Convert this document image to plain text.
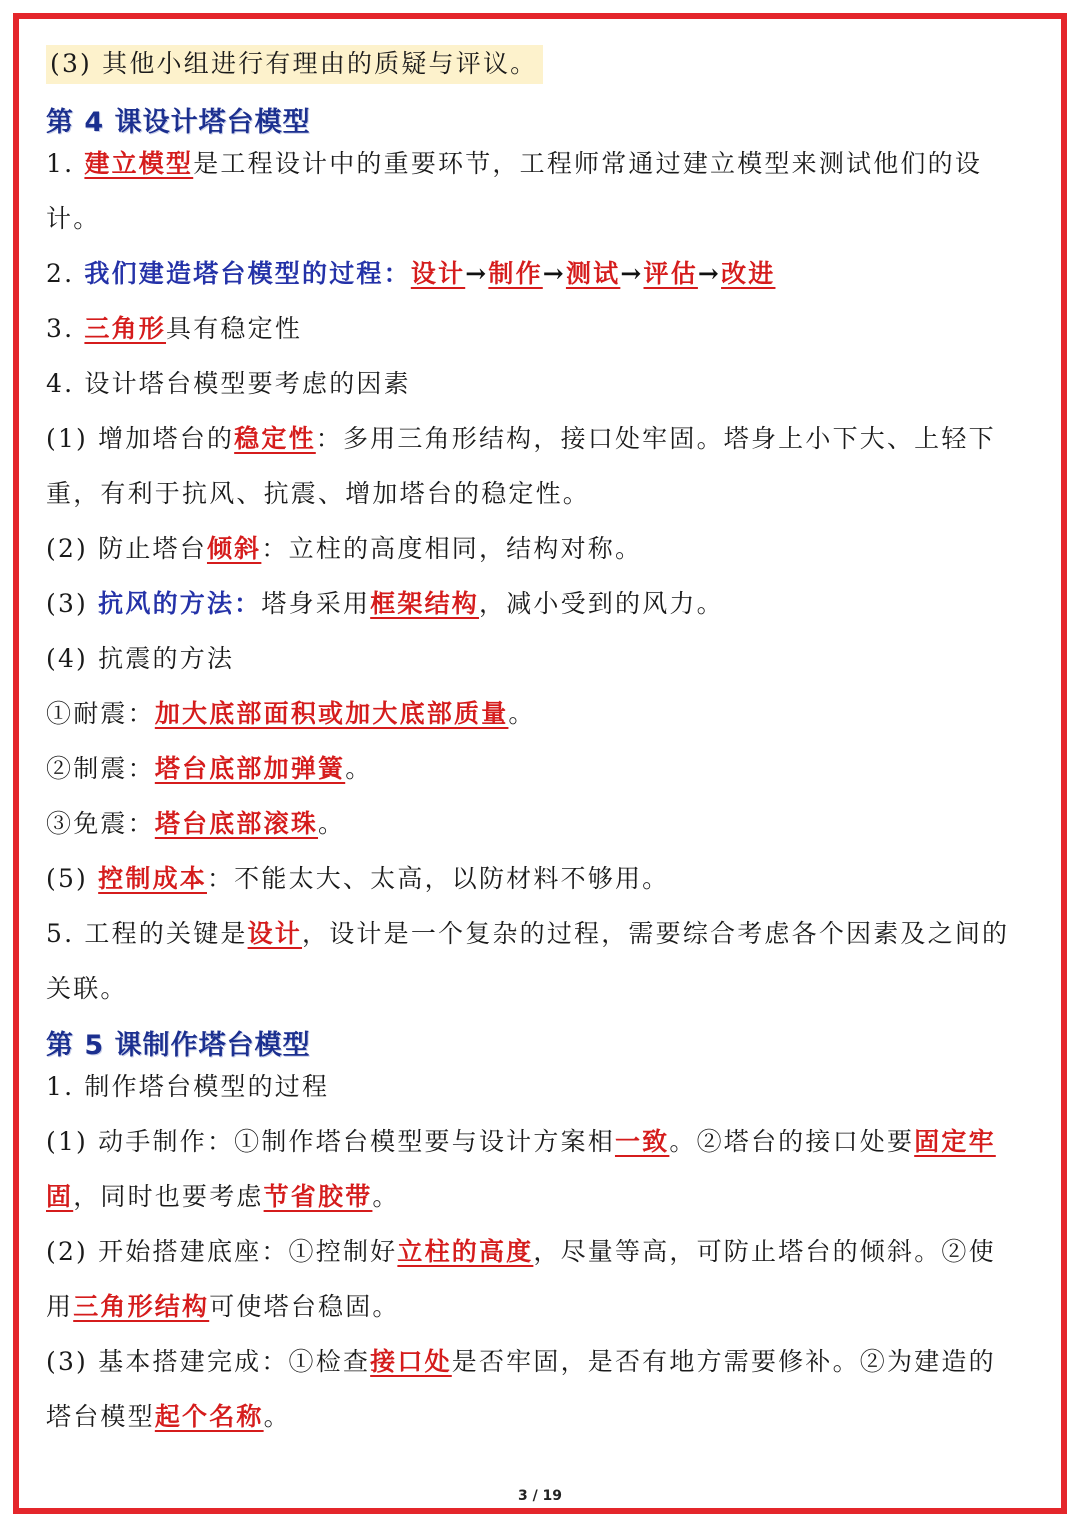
(3) 其他小组进行有理由的质疑与评议。
第 4 课设计塔台模型
1. 建立模型是工程设计中的重要环节，工程师常通过建立模型来测试他们的设
计。
2. 我们建造塔台模型的过程：设计→制作→测试→评估→改进
3. 三角形具有稳定性
4. 设计塔台模型要考虑的因素
(1) 增加塔台的稳定性：多用三角形结构，接口处牢固。塔身上小下大、上轻下
重，有利于抗风、抗震、增加塔台的稳定性。
(2) 防止塔台倾斜：立柱的高度相同，结构对称。
(3) 抗风的方法：塔身采用框架结构，减小受到的风力。
(4) 抗震的方法
①耐震：加大底部面积或加大底部质量。
②制震：塔台底部加弹簧。
③免震：塔台底部滚珠。
(5) 控制成本：不能太大、太高，以防材料不够用。
5. 工程的关键是设计，设计是一个复杂的过程，需要综合考虑各个因素及之间的
关联。
第 5 课制作塔台模型
1. 制作塔台模型的过程
(1) 动手制作：①制作塔台模型要与设计方案相一致。②塔台的接口处要固定牢
固，同时也要考虑节省胶带。
(2) 开始搭建底座：①控制好立柱的高度，尽量等高，可防止塔台的倾斜。②使
用三角形结构可使塔台稳固。
(3) 基本搭建完成：①检查接口处是否牢固，是否有地方需要修补。②为建造的
塔台模型起个名称。
3 / 19
